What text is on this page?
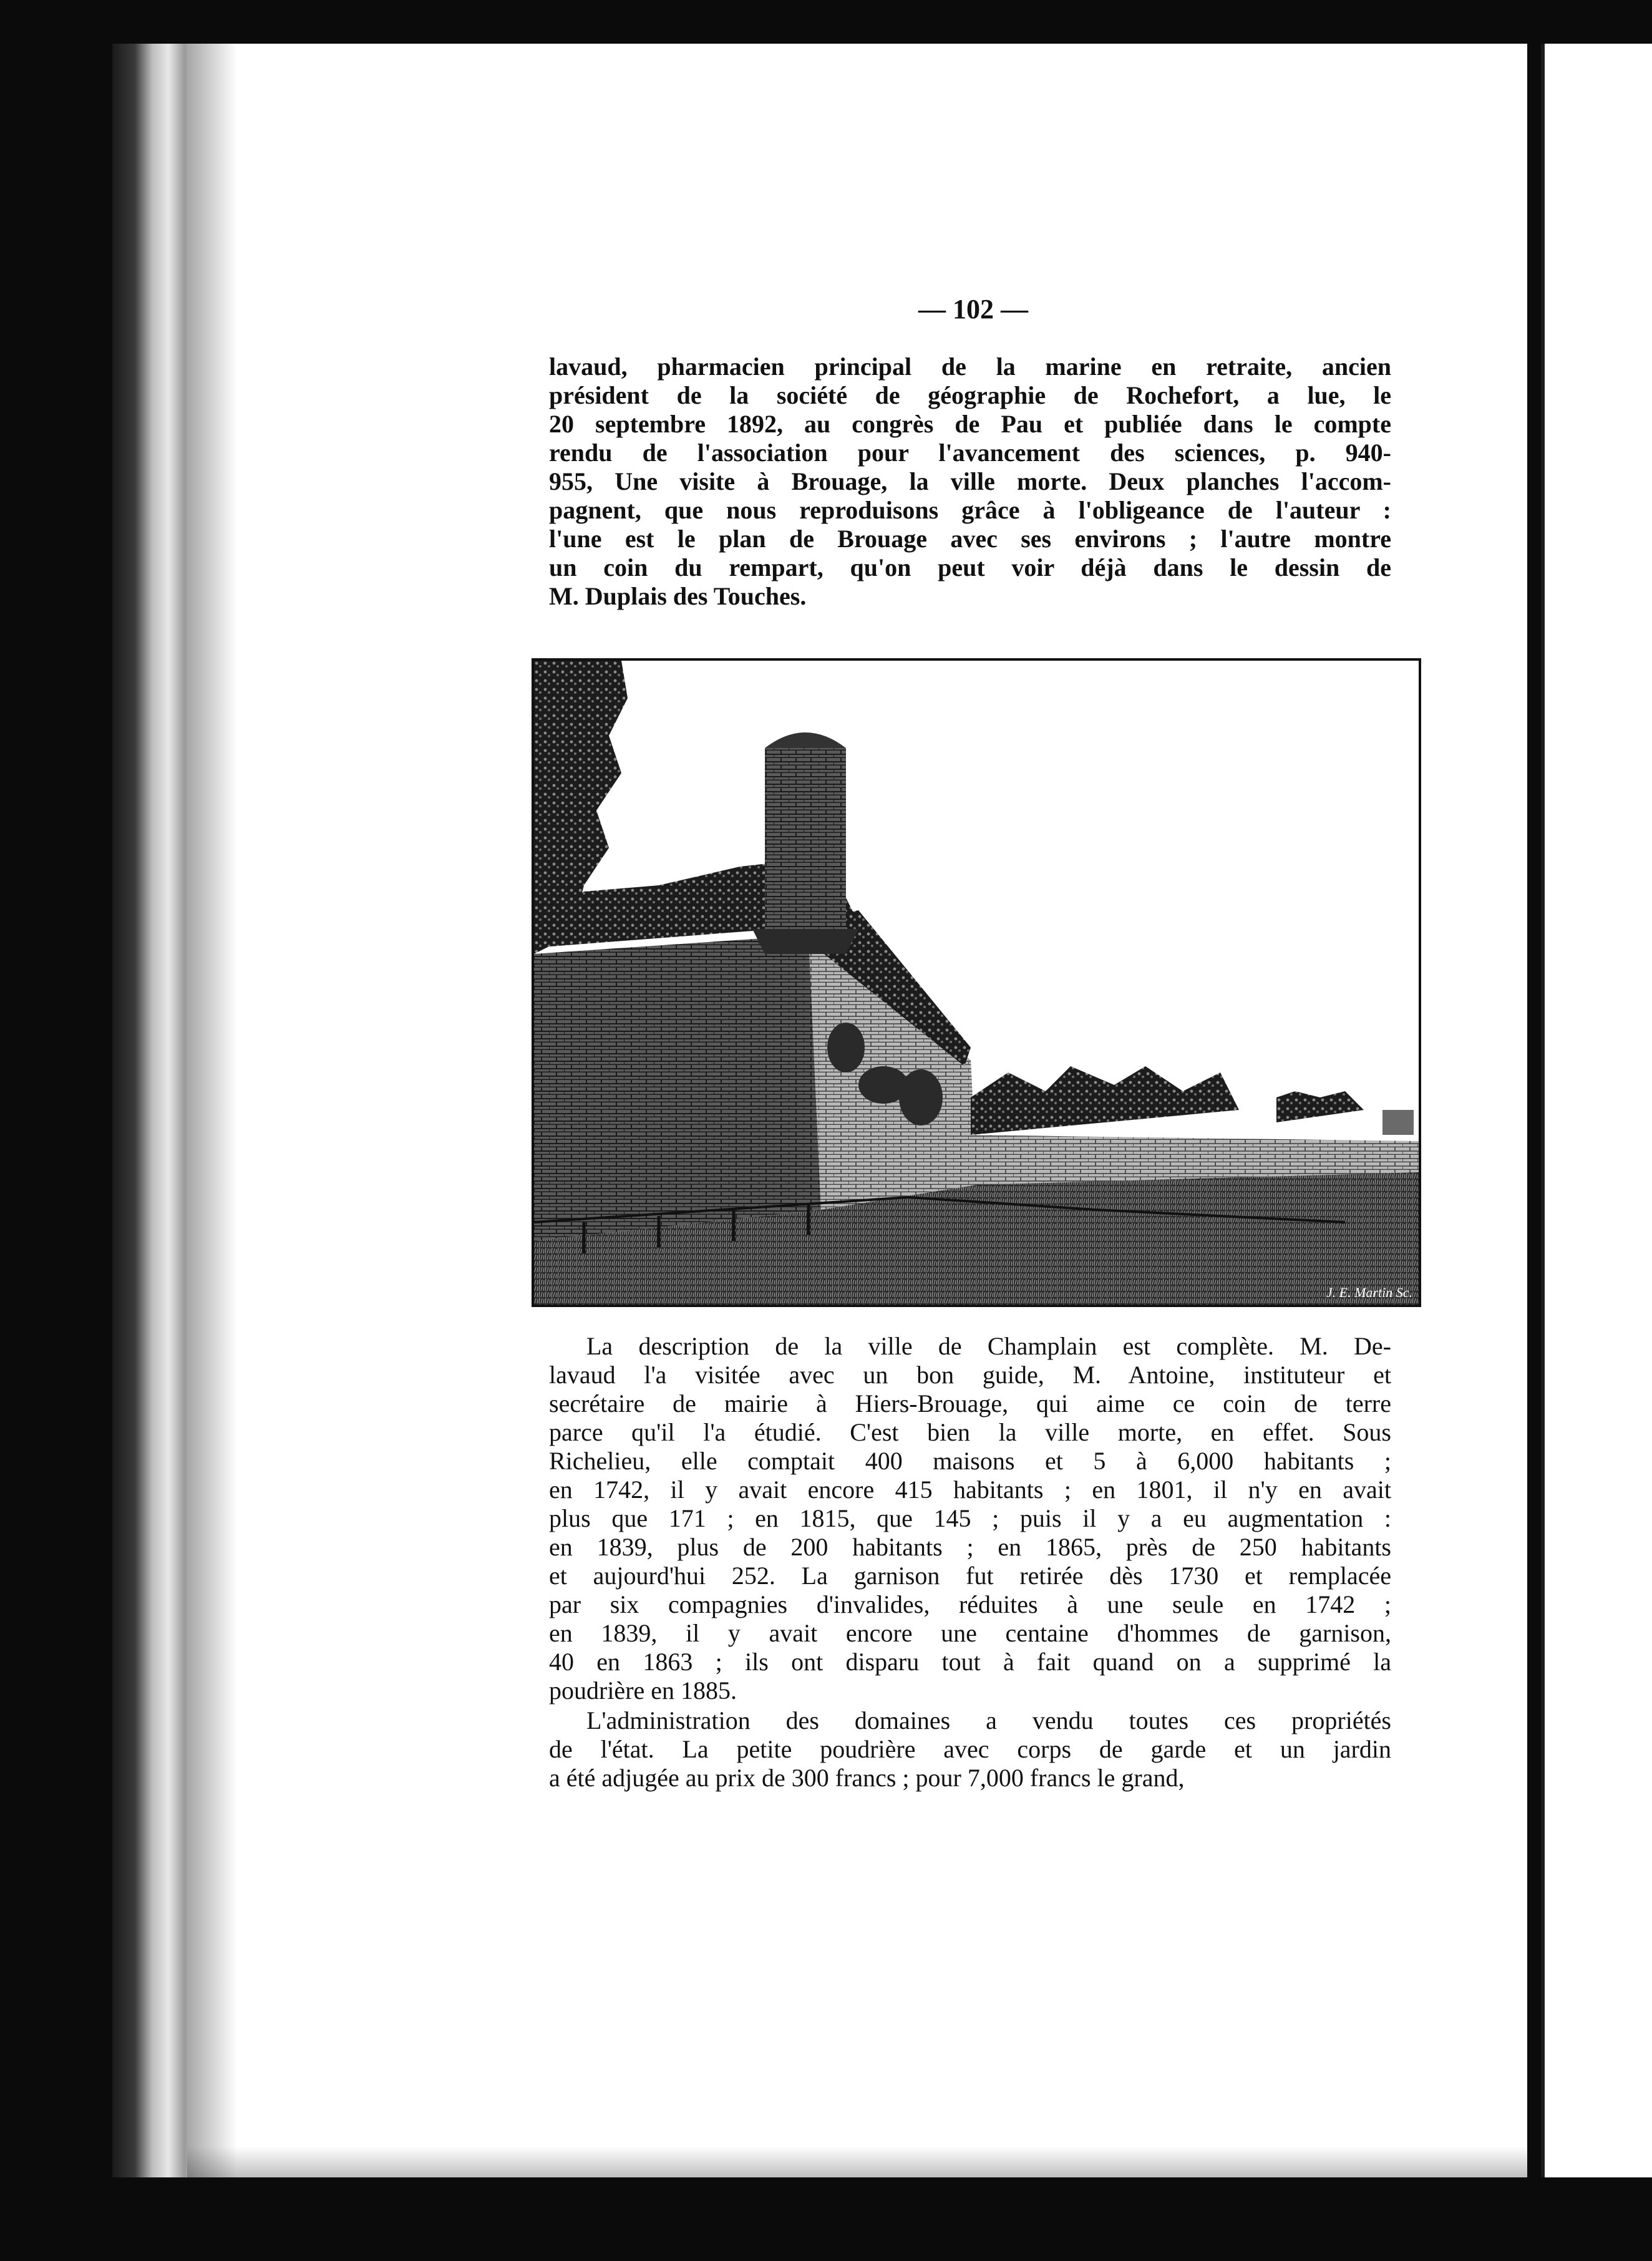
— 102 —
lavaud, pharmacien principal de la marine en retraite, ancien
président de la société de géographie de Rochefort, a lue, le
20 septembre 1892, au congrès de Pau et publiée dans le compte
rendu de l'association pour l'avancement des sciences, p. 940-
955, Une visite à Brouage, la ville morte. Deux planches l'accom-
pagnent, que nous reproduisons grâce à l'obligeance de l'auteur :
l'une est le plan de Brouage avec ses environs ; l'autre montre
un coin du rempart, qu'on peut voir déjà dans le dessin de
M. Duplais des Touches.
J. E. Martin Sc.
La description de la ville de Champlain est complète. M. De-
lavaud l'a visitée avec un bon guide, M. Antoine, instituteur et
secrétaire de mairie à Hiers-Brouage, qui aime ce coin de terre
parce qu'il l'a étudié. C'est bien la ville morte, en effet. Sous
Richelieu, elle comptait 400 maisons et 5 à 6,000 habitants ;
en 1742, il y avait encore 415 habitants ; en 1801, il n'y en avait
plus que 171 ; en 1815, que 145 ; puis il y a eu augmentation :
en 1839, plus de 200 habitants ; en 1865, près de 250 habitants
et aujourd'hui 252. La garnison fut retirée dès 1730 et remplacée
par six compagnies d'invalides, réduites à une seule en 1742 ;
en 1839, il y avait encore une centaine d'hommes de garnison,
40 en 1863 ; ils ont disparu tout à fait quand on a supprimé la
poudrière en 1885.
L'administration des domaines a vendu toutes ces propriétés
de l'état. La petite poudrière avec corps de garde et un jardin
a été adjugée au prix de 300 francs ; pour 7,000 francs le grand,
